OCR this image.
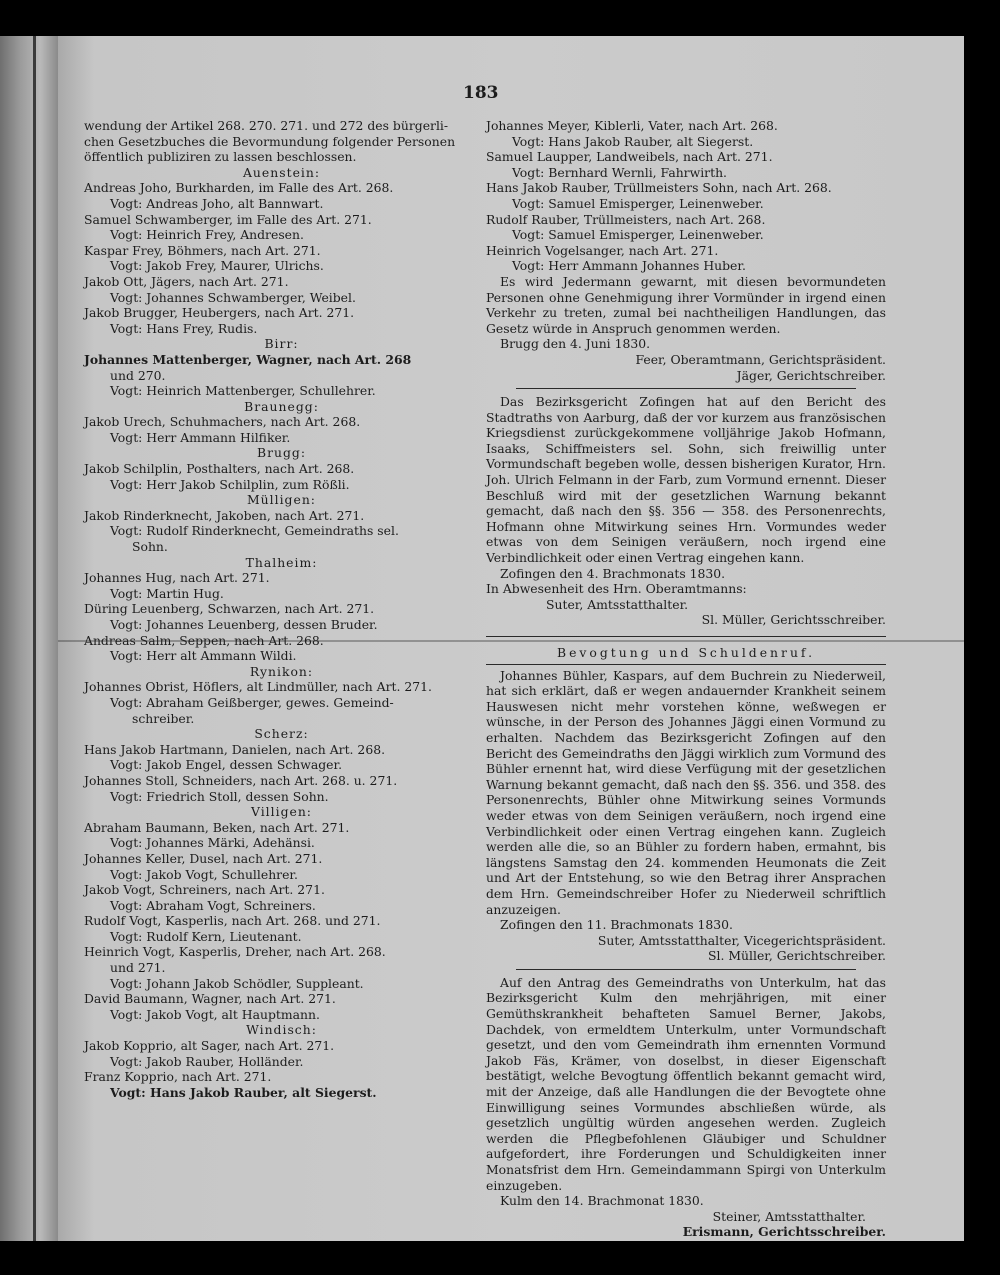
183

wendung der Artikel 268. 270. 271. und 272 des bürgerli-

chen Gesetzbuches die Bevormundung folgender Personen

öffentlich publiziren zu lassen beschlossen.

Auenstein:

Andreas Joho, Burkharden, im Falle des Art. 268.

Vogt: Andreas Joho, alt Bannwart.

Samuel Schwamberger, im Falle des Art. 271.

Vogt: Heinrich Frey, Andresen.

Kaspar Frey, Böhmers, nach Art. 271.

Vogt: Jakob Frey, Maurer, Ulrichs.

Jakob Ott, Jägers, nach Art. 271.

Vogt: Johannes Schwamberger, Weibel.

Jakob Brugger, Heubergers, nach Art. 271.

Vogt: Hans Frey, Rudis.

Birr:

Johannes Mattenberger, Wagner, nach Art. 268

und 270.

Vogt: Heinrich Mattenberger, Schullehrer.

Braunegg:

Jakob Urech, Schuhmachers, nach Art. 268.

Vogt: Herr Ammann Hilfiker.

Brugg:

Jakob Schilplin, Posthalters, nach Art. 268.

Vogt: Herr Jakob Schilplin, zum Rößli.

Mülligen:

Jakob Rinderknecht, Jakoben, nach Art. 271.

Vogt: Rudolf Rinderknecht, Gemeindraths sel.

Sohn.

Thalheim:

Johannes Hug, nach Art. 271.

Vogt: Martin Hug.

Düring Leuenberg, Schwarzen, nach Art. 271.

Vogt: Johannes Leuenberg, dessen Bruder.

Andreas Salm, Seppen, nach Art. 268.

Vogt: Herr alt Ammann Wildi.

Rynikon:

Johannes Obrist, Höflers, alt Lindmüller, nach Art. 271.

Vogt: Abraham Geißberger, gewes. Gemeind-

schreiber.

Scherz:

Hans Jakob Hartmann, Danielen, nach Art. 268.

Vogt: Jakob Engel, dessen Schwager.

Johannes Stoll, Schneiders, nach Art. 268. u. 271.

Vogt: Friedrich Stoll, dessen Sohn.

Villigen:

Abraham Baumann, Beken, nach Art. 271.

Vogt: Johannes Märki, Adehänsi.

Johannes Keller, Dusel, nach Art. 271.

Vogt: Jakob Vogt, Schullehrer.

Jakob Vogt, Schreiners, nach Art. 271.

Vogt: Abraham Vogt, Schreiners.

Rudolf Vogt, Kasperlis, nach Art. 268. und 271.

Vogt: Rudolf Kern, Lieutenant.

Heinrich Vogt, Kasperlis, Dreher, nach Art. 268.

und 271.

Vogt: Johann Jakob Schödler, Suppleant.

David Baumann, Wagner, nach Art. 271.

Vogt: Jakob Vogt, alt Hauptmann.

Windisch:

Jakob Kopprio, alt Sager, nach Art. 271.

Vogt: Jakob Rauber, Holländer.

Franz Kopprio, nach Art. 271.

Vogt: Hans Jakob Rauber, alt Siegerst.

Johannes Meyer, Kiblerli, Vater, nach Art. 268.

Vogt: Hans Jakob Rauber, alt Siegerst.

Samuel Laupper, Landweibels, nach Art. 271.

Vogt: Bernhard Wernli, Fahrwirth.

Hans Jakob Rauber, Trüllmeisters Sohn, nach Art. 268.

Vogt: Samuel Emisperger, Leinenweber.

Rudolf Rauber, Trüllmeisters, nach Art. 268.

Vogt: Samuel Emisperger, Leinenweber.

Heinrich Vogelsanger, nach Art. 271.

Vogt: Herr Ammann Johannes Huber.

Es wird Jedermann gewarnt, mit diesen bevormundeten Personen ohne Genehmigung ihrer Vormünder in irgend einen Verkehr zu treten, zumal bei nachtheiligen Handlungen, das Gesetz würde in Anspruch genommen werden.

Brugg den 4. Juni 1830.

Feer, Oberamtmann, Gerichtspräsident.

Jäger, Gerichtschreiber.

Das Bezirksgericht Zofingen hat auf den Bericht des Stadtraths von Aarburg, daß der vor kurzem aus französischen Kriegsdienst zurückgekommene volljährige Jakob Hofmann, Isaaks, Schiffmeisters sel. Sohn, sich freiwillig unter Vormundschaft begeben wolle, dessen bisherigen Kurator, Hrn. Joh. Ulrich Felmann in der Farb, zum Vormund ernennt. Dieser Beschluß wird mit der gesetzlichen Warnung bekannt gemacht, daß nach den §§. 356 — 358. des Personenrechts, Hofmann ohne Mitwirkung seines Hrn. Vormundes weder etwas von dem Seinigen veräußern, noch irgend eine Verbindlichkeit oder einen Vertrag eingehen kann.

Zofingen den 4. Brachmonats 1830.

In Abwesenheit des Hrn. Oberamtmanns:

Suter, Amtsstatthalter.

Sl. Müller, Gerichtsschreiber.

Bevogtung und Schuldenruf.

Johannes Bühler, Kaspars, auf dem Buchrein zu Niederweil, hat sich erklärt, daß er wegen andauernder Krankheit seinem Hauswesen nicht mehr vorstehen könne, weßwegen er wünsche, in der Person des Johannes Jäggi einen Vormund zu erhalten. Nachdem das Bezirksgericht Zofingen auf den Bericht des Gemeindraths den Jäggi wirklich zum Vormund des Bühler ernennt hat, wird diese Verfügung mit der gesetzlichen Warnung bekannt gemacht, daß nach den §§. 356. und 358. des Personenrechts, Bühler ohne Mitwirkung seines Vormunds weder etwas von dem Seinigen veräußern, noch irgend eine Verbindlichkeit oder einen Vertrag eingehen kann. Zugleich werden alle die, so an Bühler zu fordern haben, ermahnt, bis längstens Samstag den 24. kommenden Heumonats die Zeit und Art der Entstehung, so wie den Betrag ihrer Ansprachen dem Hrn. Gemeindschreiber Hofer zu Niederweil schriftlich anzuzeigen.

Zofingen den 11. Brachmonats 1830.

Suter, Amtsstatthalter, Vicegerichtspräsident.

Sl. Müller, Gerichtschreiber.

Auf den Antrag des Gemeindraths von Unterkulm, hat das Bezirksgericht Kulm den mehrjährigen, mit einer Gemüthskrankheit behafteten Samuel Berner, Jakobs, Dachdek, von ermeldtem Unterkulm, unter Vormundschaft gesetzt, und den vom Gemeindrath ihm ernennten Vormund Jakob Fäs, Krämer, von doselbst, in dieser Eigenschaft bestätigt, welche Bevogtung öffentlich bekannt gemacht wird, mit der Anzeige, daß alle Handlungen die der Bevogtete ohne Einwilligung seines Vormundes abschließen würde, als gesetzlich ungültig würden angesehen werden. Zugleich werden die Pflegbefohlenen Gläubiger und Schuldner aufgefordert, ihre Forderungen und Schuldigkeiten inner Monatsfrist dem Hrn. Gemeindammann Spirgi von Unterkulm einzugeben.

Kulm den 14. Brachmonat 1830.

Steiner, Amtsstatthalter.

Erismann, Gerichtsschreiber.
